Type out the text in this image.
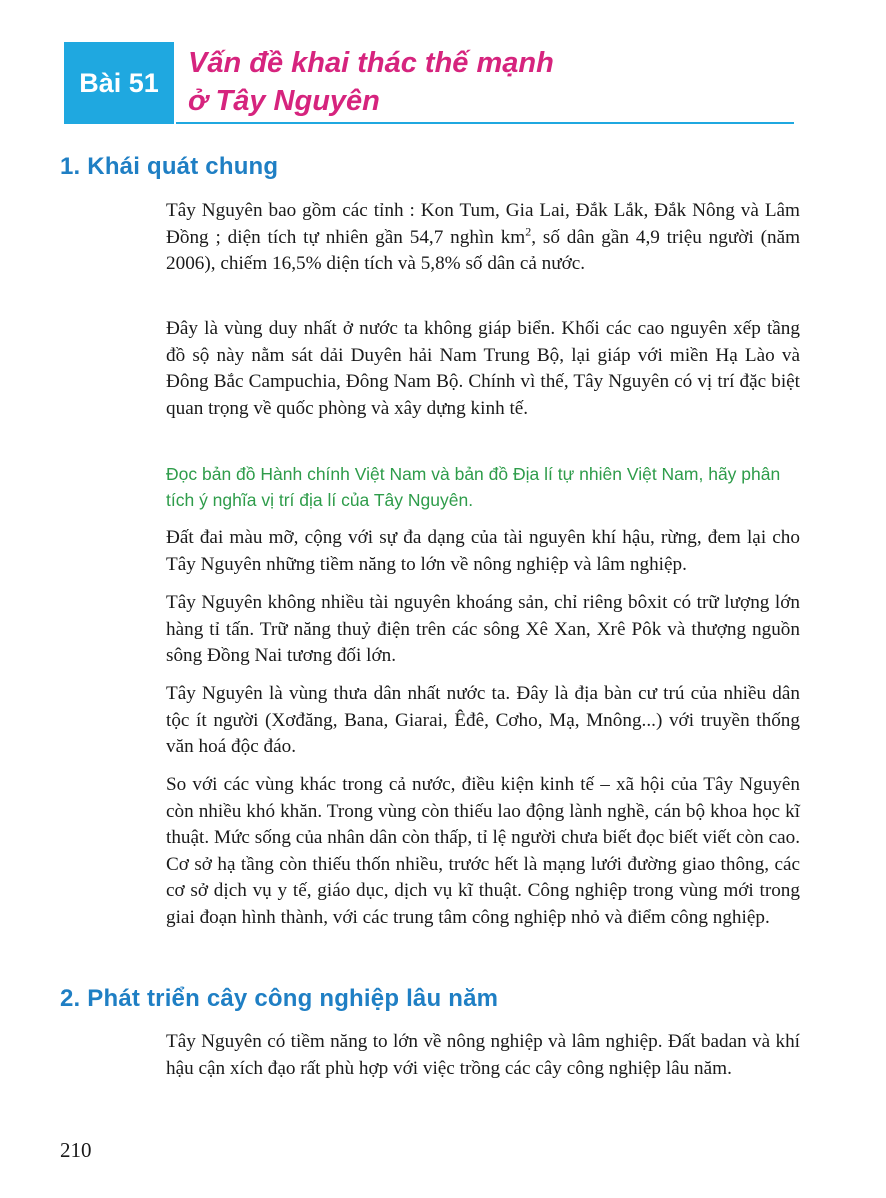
Bài 51
Vấn đề khai thác thế mạnh
ở Tây Nguyên
1. Khái quát chung

Tây Nguyên bao gồm các tỉnh : Kon Tum, Gia Lai, Đắk Lắk, Đắk Nông và Lâm Đồng ; diện tích tự nhiên gần 54,7 nghìn $km^2$, số dân gần 4,9 triệu người (năm 2006), chiếm 16,5% diện tích và 5,8% số dân cả nước.

Đây là vùng duy nhất ở nước ta không giáp biển. Khối các cao nguyên xếp tầng đồ sộ này nằm sát dải Duyên hải Nam Trung Bộ, lại giáp với miền Hạ Lào và Đông Bắc Campuchia, Đông Nam Bộ. Chính vì thế, Tây Nguyên có vị trí đặc biệt quan trọng về quốc phòng và xây dựng kinh tế.

Đọc bản đồ Hành chính Việt Nam và bản đồ Địa lí tự nhiên Việt Nam, hãy phân tích ý nghĩa vị trí địa lí của Tây Nguyên.

Đất đai màu mỡ, cộng với sự đa dạng của tài nguyên khí hậu, rừng, đem lại cho Tây Nguyên những tiềm năng to lớn về nông nghiệp và lâm nghiệp.

Tây Nguyên không nhiều tài nguyên khoáng sản, chỉ riêng bôxit có trữ lượng lớn hàng tỉ tấn. Trữ năng thuỷ điện trên các sông Xê Xan, Xrê Pôk và thượng nguồn sông Đồng Nai tương đối lớn.

Tây Nguyên là vùng thưa dân nhất nước ta. Đây là địa bàn cư trú của nhiều dân tộc ít người (Xơđăng, Bana, Giarai, Êđê, Cơho, Mạ, Mnông...) với truyền thống văn hoá độc đáo.

So với các vùng khác trong cả nước, điều kiện kinh tế – xã hội của Tây Nguyên còn nhiều khó khăn. Trong vùng còn thiếu lao động lành nghề, cán bộ khoa học kĩ thuật. Mức sống của nhân dân còn thấp, tỉ lệ người chưa biết đọc biết viết còn cao. Cơ sở hạ tầng còn thiếu thốn nhiều, trước hết là mạng lưới đường giao thông, các cơ sở dịch vụ y tế, giáo dục, dịch vụ kĩ thuật. Công nghiệp trong vùng mới trong giai đoạn hình thành, với các trung tâm công nghiệp nhỏ và điểm công nghiệp.

2. Phát triển cây công nghiệp lâu năm

Tây Nguyên có tiềm năng to lớn về nông nghiệp và lâm nghiệp. Đất badan và khí hậu cận xích đạo rất phù hợp với việc trồng các cây công nghiệp lâu năm.

210
